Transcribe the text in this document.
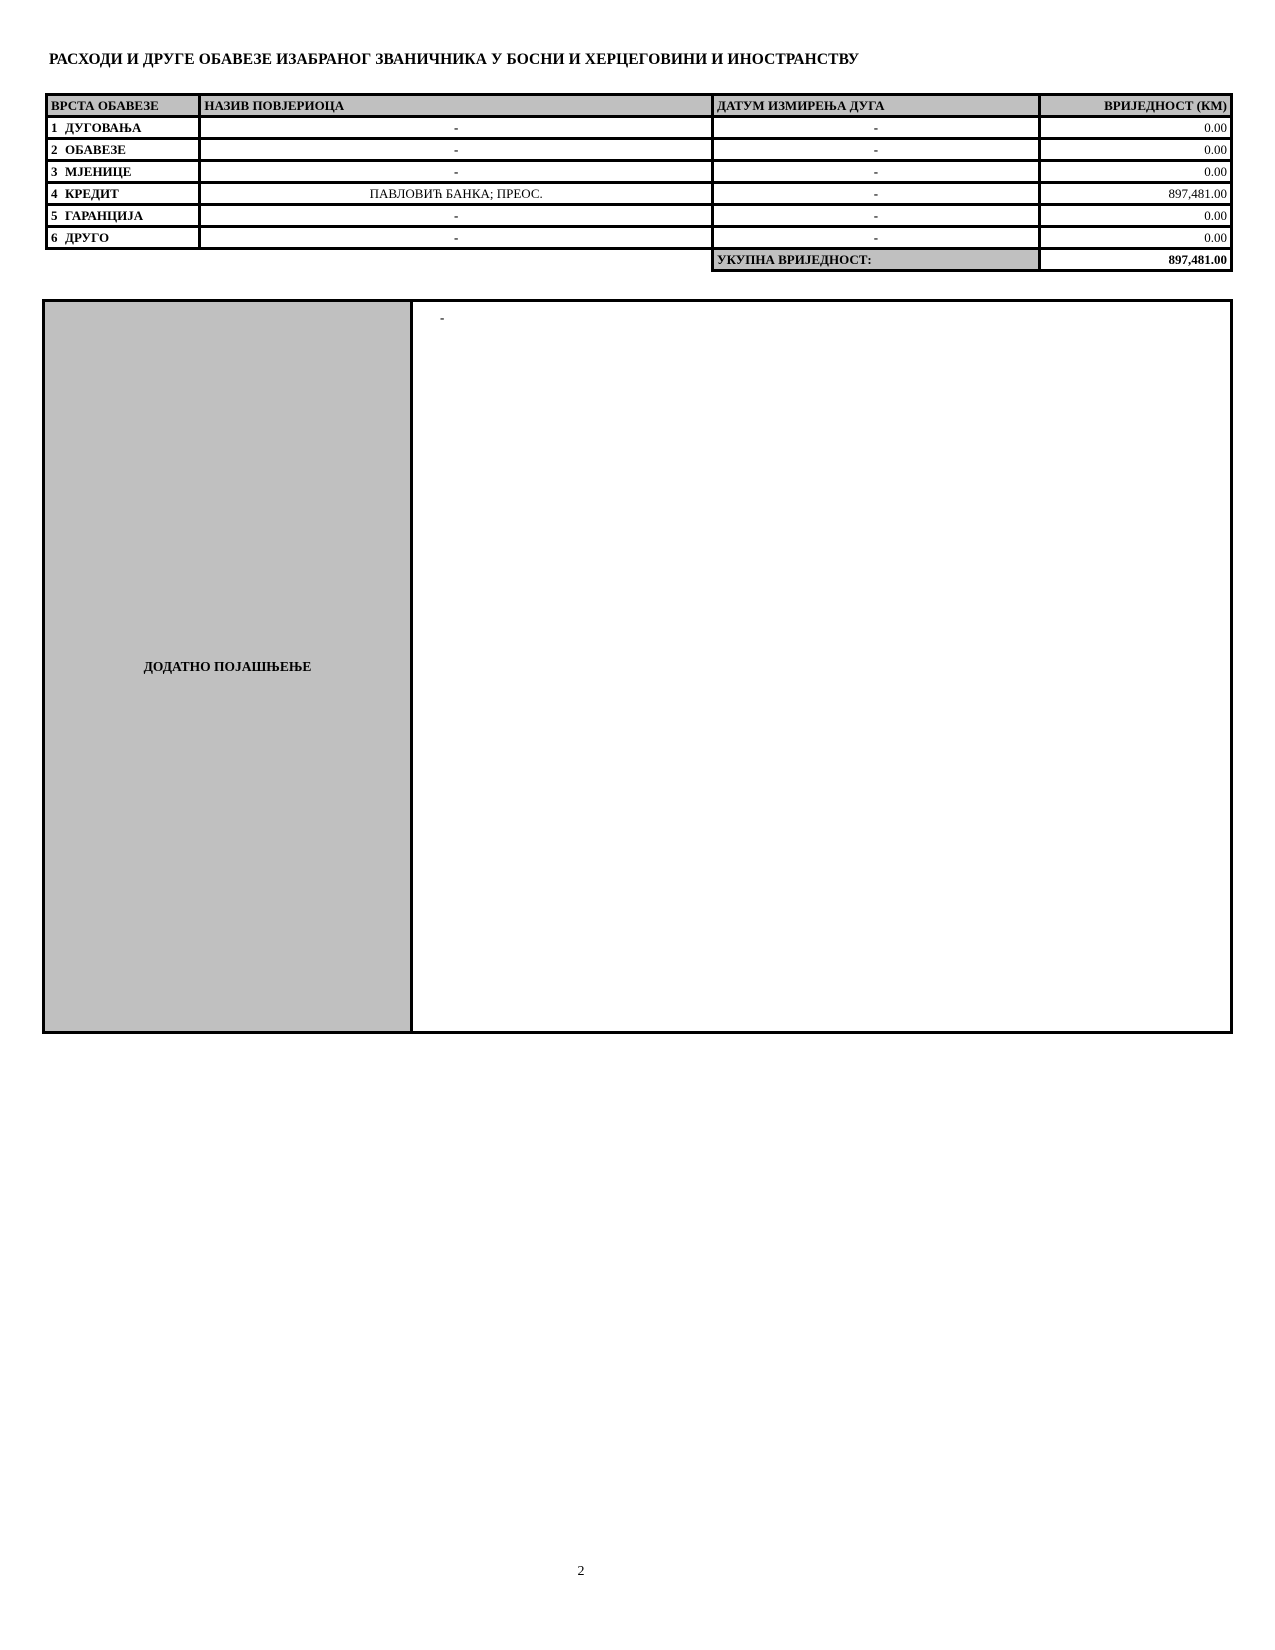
РАСХОДИ И ДРУГЕ ОБАВЕЗЕ ИЗАБРАНОГ ЗВАНИЧНИКА У БОСНИ И ХЕРЦЕГОВИНИ И ИНОСТРАНСТВУ
ВРСТА ОБАВЕЗЕ	НАЗИВ ПОВЈЕРИОЦА	ДАТУМ ИЗМИРЕЊА ДУГА	ВРИЈЕДНОСТ (КМ)
1 ДУГОВАЊА	-	-	0.00
2 ОБАВЕЗЕ	-	-	0.00
3 МЈЕНИЦЕ	-	-	0.00
4 КРЕДИТ	ПАВЛОВИЋ БАНКА; ПРЕОС.	-	897,481.00
5 ГАРАНЦИЈА	-	-	0.00
6 ДРУГО	-	-	0.00
		УКУПНА ВРИЈЕДНОСТ:	897,481.00
ДОДАТНО ПОЈАШЊЕЊЕ
-
2
